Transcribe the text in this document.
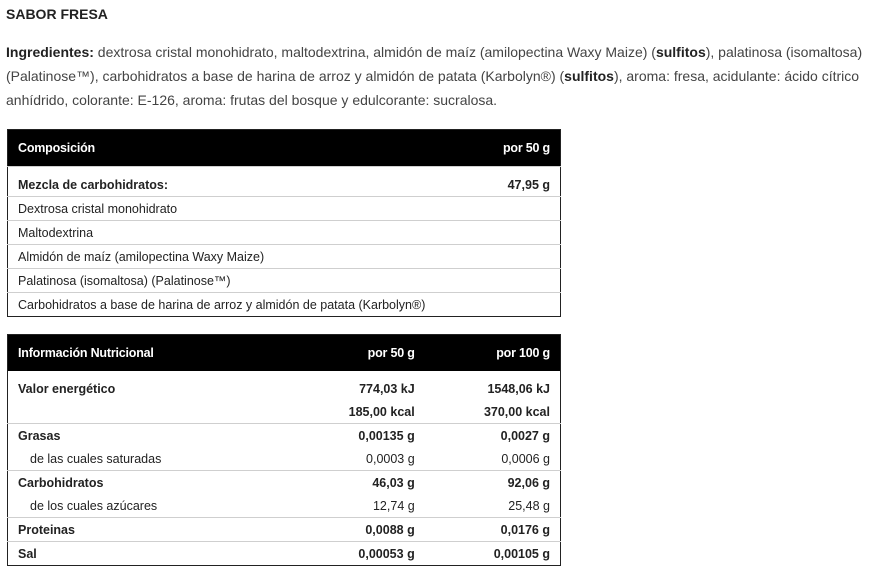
SABOR FRESA

Ingredientes: dextrosa cristal monohidrato, maltodextrina, almidón de maíz (amilopectina Waxy Maize) (sulfitos), palatinosa (isomaltosa) (Palatinose™), carbohidratos a base de harina de arroz y almidón de patata (Karbolyn®) (sulfitos), aroma: fresa, acidulante: ácido cítrico anhídrido, colorante: E-126, aroma: frutas del bosque y edulcorante: sucralosa.

Composición	por 50 g

Mezcla de carbohidratos:	47,95 g
Dextrosa cristal monohidrato	
Maltodextrina	
Almidón de maíz (amilopectina Waxy Maize)	
Palatinosa (isomaltosa) (Palatinose™)	
Carbohidratos a base de harina de arroz y almidón de patata (Karbolyn®)	
Información Nutricional	por 50 g	por 100 g

Valor energético	774,03 kJ	1548,06 kJ
	185,00 kcal	370,00 kcal
Grasas	0,00135 g	0,0027 g
de las cuales saturadas	0,0003 g	0,0006 g
Carbohidratos	46,03 g	92,06 g
de los cuales azúcares	12,74 g	25,48 g
Proteinas	0,0088 g	0,0176 g
Sal	0,00053 g	0,00105 g
